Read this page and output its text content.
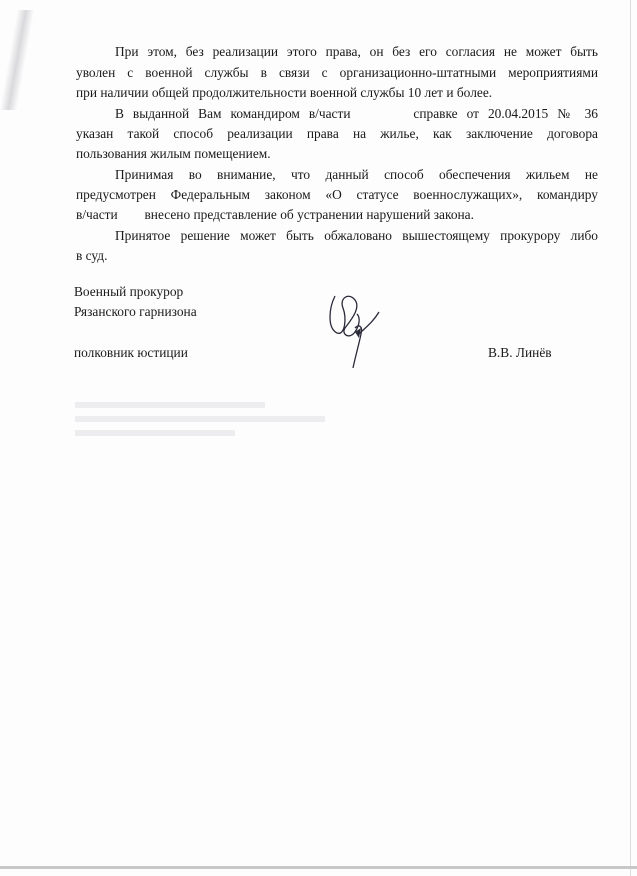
При этом, без реализации этого права, он без его согласия не может быть
уволен с военной службы в связи с организационно-штатными мероприятиями
при наличии общей продолжительности военной службы 10 лет и более.
В выданной Вам командиром в/части       справке от 20.04.2015 № 36
указан такой способ реализации права на жилье, как заключение договора
пользования жилым помещением.
Принимая во внимание, что данный способ обеспечения жильем не
предусмотрен Федеральным законом «О статусе военнослужащих», командиру
в/части        внесено представление об устранении нарушений закона.
Принятое решение может быть обжаловано вышестоящему прокурору либо
в суд.
Военный прокурор
Рязанского гарнизона
полковник юстиции	В.В. Линёв
